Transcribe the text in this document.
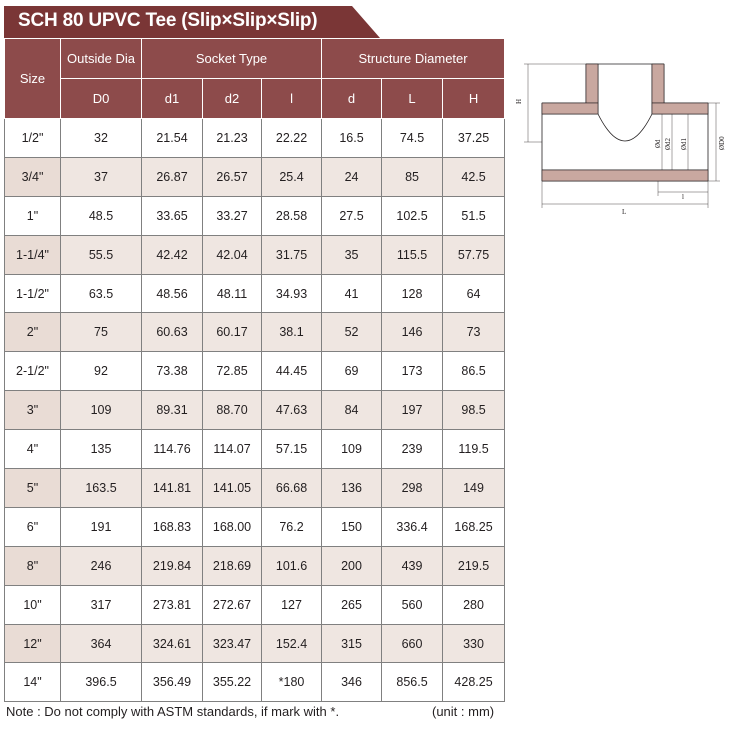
SCH 80 UPVC Tee (Slip×Slip×Slip)
Size	Outside Dia	Socket Type			Structure Diameter		
	D0	d1	d2	l	d	L	H
1/2"	32	21.54	21.23	22.22	16.5	74.5	37.25
3/4"	37	26.87	26.57	25.4	24	85	42.5
1"	48.5	33.65	33.27	28.58	27.5	102.5	51.5
1-1/4"	55.5	42.42	42.04	31.75	35	115.5	57.75
1-1/2"	63.5	48.56	48.11	34.93	41	128	64
2"	75	60.63	60.17	38.1	52	146	73
2-1/2"	92	73.38	72.85	44.45	69	173	86.5
3"	109	89.31	88.70	47.63	84	197	98.5
4"	135	114.76	114.07	57.15	109	239	119.5
5"	163.5	141.81	141.05	66.68	136	298	149
6"	191	168.83	168.00	76.2	150	336.4	168.25
8"	246	219.84	218.69	101.6	200	439	219.5
10"	317	273.81	272.67	127	265	560	280
12"	364	324.61	323.47	152.4	315	660	330
14"	396.5	356.49	355.22	*180	346	856.5	428.25
Note : Do not comply with ASTM standards, if mark with *.	(unit : mm)
H
L
l
Ød Ød2 Ød1	ØD0
